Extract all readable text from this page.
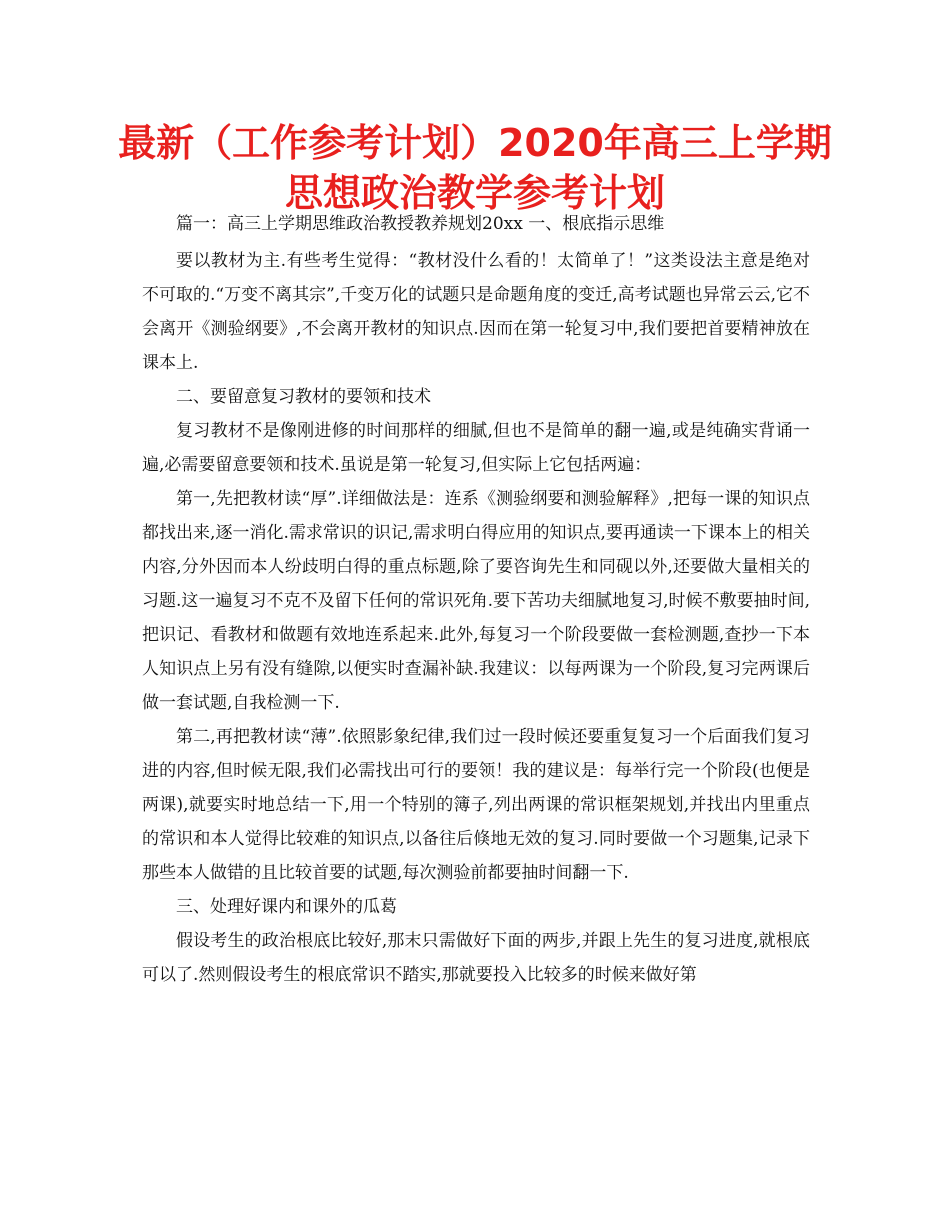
最新（工作参考计划）2020年高三上学期
思想政治教学参考计划

篇一：高三上学期思维政治教授教养规划20xx 一、根底指示思维

要以教材为主.有些考生觉得：“教材没什么看的！太简单了！”这类设法主意是绝对不可取的.“万变不离其宗”,千变万化的试题只是命题角度的变迁,高考试题也异常云云,它不会离开《测验纲要》,不会离开教材的知识点.因而在第一轮复习中,我们要把首要精神放在课本上.

二、要留意复习教材的要领和技术

复习教材不是像刚进修的时间那样的细腻,但也不是简单的翻一遍,或是纯确实背诵一遍,必需要留意要领和技术.虽说是第一轮复习,但实际上它包括两遍：

第一,先把教材读“厚”.详细做法是：连系《测验纲要和测验解释》,把每一课的知识点都找出来,逐一消化.需求常识的识记,需求明白得应用的知识点,要再通读一下课本上的相关内容,分外因而本人纷歧明白得的重点标题,除了要咨询先生和同砚以外,还要做大量相关的习题.这一遍复习不克不及留下任何的常识死角.要下苦功夫细腻地复习,时候不敷要抽时间,把识记、看教材和做题有效地连系起来.此外,每复习一个阶段要做一套检测题,查抄一下本人知识点上另有没有缝隙,以便实时查漏补缺.我建议：以每两课为一个阶段,复习完两课后做一套试题,自我检测一下.

第二,再把教材读“薄”.依照影象纪律,我们过一段时候还要重复复习一个后面我们复习进的内容,但时候无限,我们必需找出可行的要领！我的建议是：每举行完一个阶段(也便是两课),就要实时地总结一下,用一个特别的簿子,列出两课的常识框架规划,并找出内里重点的常识和本人觉得比较难的知识点,以备往后倏地无效的复习.同时要做一个习题集,记录下那些本人做错的且比较首要的试题,每次测验前都要抽时间翻一下.

三、处理好课内和课外的瓜葛

假设考生的政治根底比较好,那末只需做好下面的两步,并跟上先生的复习进度,就根底可以了.然则假设考生的根底常识不踏实,那就要投入比较多的时候来做好第
